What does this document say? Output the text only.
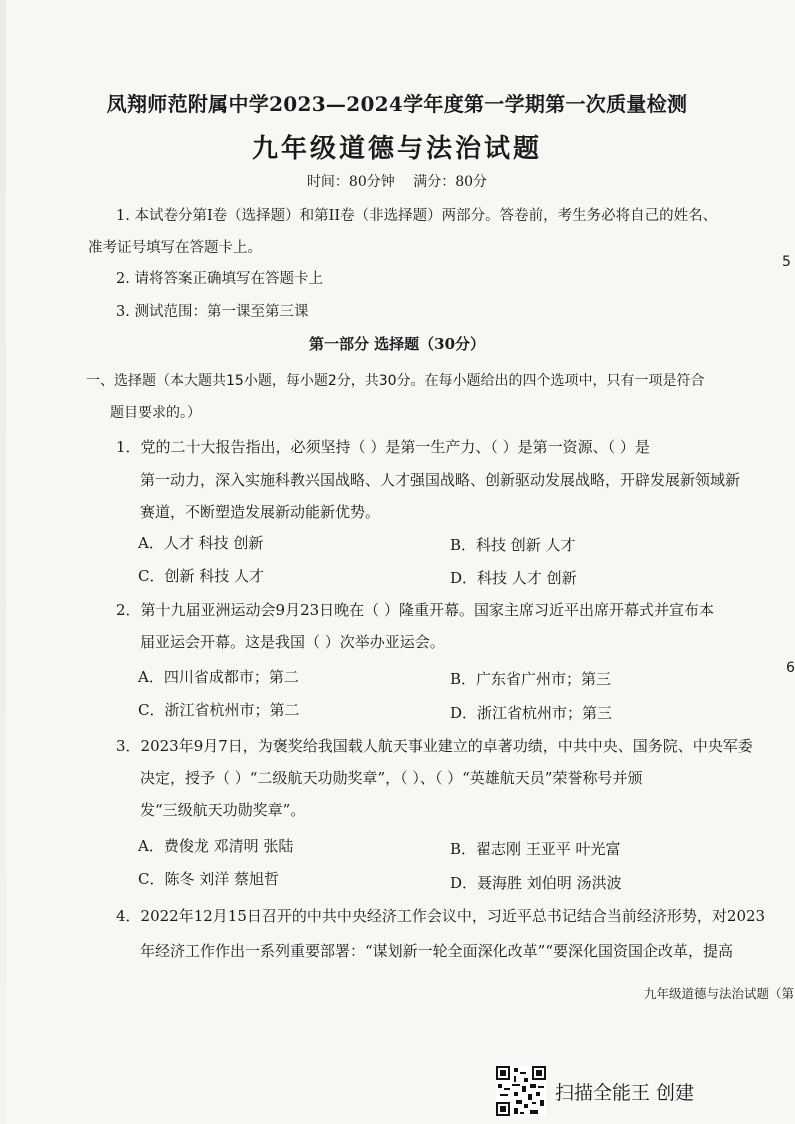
凤翔师范附属中学2023—2024学年度第一学期第一次质量检测
九年级道德与法治试题
时间：80分钟 满分：80分
1. 本试卷分第I卷（选择题）和第II卷（非选择题）两部分。答卷前，考生务必将自己的姓名、
准考证号填写在答题卡上。
2. 请将答案正确填写在答题卡上
3. 测试范围：第一课至第三课
第一部分 选择题（30分）
一、选择题（本大题共15小题，每小题2分，共30分。在每小题给出的四个选项中，只有一项是符合
题目要求的。）
1．党的二十大报告指出，必须坚持（ ）是第一生产力、（ ）是第一资源、（ ）是
第一动力，深入实施科教兴国战略、人才强国战略、创新驱动发展战略，开辟发展新领域新
赛道，不断塑造发展新动能新优势。
A．人才 科技 创新	B．科技 创新 人才
C．创新 科技 人才	D．科技 人才 创新
2．第十九届亚洲运动会9月23日晚在（ ）隆重开幕。国家主席习近平出席开幕式并宣布本
届亚运会开幕。这是我国（ ）次举办亚运会。
A．四川省成都市；第二	B．广东省广州市；第三
C．浙江省杭州市；第二	D．浙江省杭州市；第三
3．2023年9月7日，为褒奖给我国载人航天事业建立的卓著功绩，中共中央、国务院、中央军委
决定，授予（ ）“二级航天功勋奖章”，（ ）、（ ）“英雄航天员”荣誉称号并颁
发“三级航天功勋奖章”。
A．费俊龙 邓清明 张陆	B．翟志刚 王亚平 叶光富
C．陈冬 刘洋 蔡旭哲	D．聂海胜 刘伯明 汤洪波
4．2022年12月15日召开的中共中央经济工作会议中，习近平总书记结合当前经济形势，对2023
年经济工作作出一系列重要部署：“谋划新一轮全面深化改革”“要深化国资国企改革，提高
九年级道德与法治试题（第
5
6
扫描全能王 创建
